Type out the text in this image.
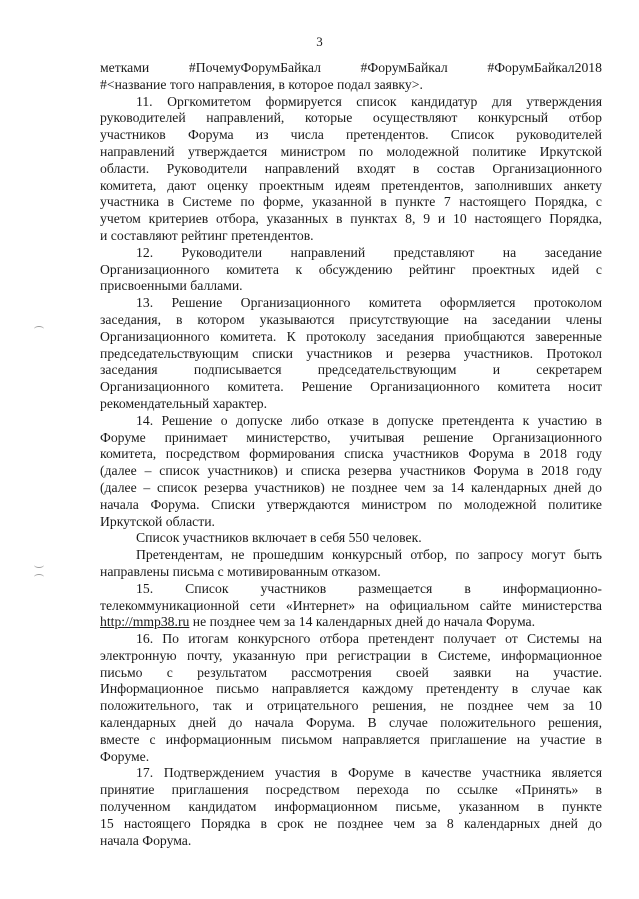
3

метками #ПочемуФорумБайкал #ФорумБайкал #ФорумБайкал2018

#<название того направления, в которое подал заявку>.

11. Оргкомитетом формируется список кандидатур для утверждения

руководителей направлений, которые осуществляют конкурсный отбор

участников Форума из числа претендентов. Список руководителей

направлений утверждается министром по молодежной политике Иркутской

области. Руководители направлений входят в состав Организационного

комитета, дают оценку проектным идеям претендентов, заполнивших анкету

участника в Системе по форме, указанной в пункте 7 настоящего Порядка, с

учетом критериев отбора, указанных в пунктах 8, 9 и 10 настоящего Порядка,

и составляют рейтинг претендентов.

12. Руководители направлений представляют на заседание

Организационного комитета к обсуждению рейтинг проектных идей с

присвоенными баллами.

13. Решение Организационного комитета оформляется протоколом

заседания, в котором указываются присутствующие на заседании члены

Организационного комитета. К протоколу заседания приобщаются заверенные

председательствующим списки участников и резерва участников. Протокол

заседания подписывается председательствующим и секретарем

Организационного комитета. Решение Организационного комитета носит

рекомендательный характер.

14. Решение о допуске либо отказе в допуске претендента к участию в

Форуме принимает министерство, учитывая решение Организационного

комитета, посредством формирования списка участников Форума в 2018 году

(далее – список участников) и списка резерва участников Форума в 2018 году

(далее – список резерва участников) не позднее чем за 14 календарных дней до

начала Форума. Списки утверждаются министром по молодежной политике

Иркутской области.

Список участников включает в себя 550 человек.

Претендентам, не прошедшим конкурсный отбор, по запросу могут быть

направлены письма с мотивированным отказом.

15. Список участников размещается в информационно-

телекоммуникационной сети «Интернет» на официальном сайте министерства

http://mmp38.ru не позднее чем за 14 календарных дней до начала Форума.

16. По итогам конкурсного отбора претендент получает от Системы на

электронную почту, указанную при регистрации в Системе, информационное

письмо с результатом рассмотрения своей заявки на участие.

Информационное письмо направляется каждому претенденту в случае как

положительного, так и отрицательного решения, не позднее чем за 10

календарных дней до начала Форума. В случае положительного решения,

вместе с информационным письмом направляется приглашение на участие в

Форуме.

17. Подтверждением участия в Форуме в качестве участника является

принятие приглашения посредством перехода по ссылке «Принять» в

полученном кандидатом информационном письме, указанном в пункте

15 настоящего Порядка в срок не позднее чем за 8 календарных дней до

начала Форума.
